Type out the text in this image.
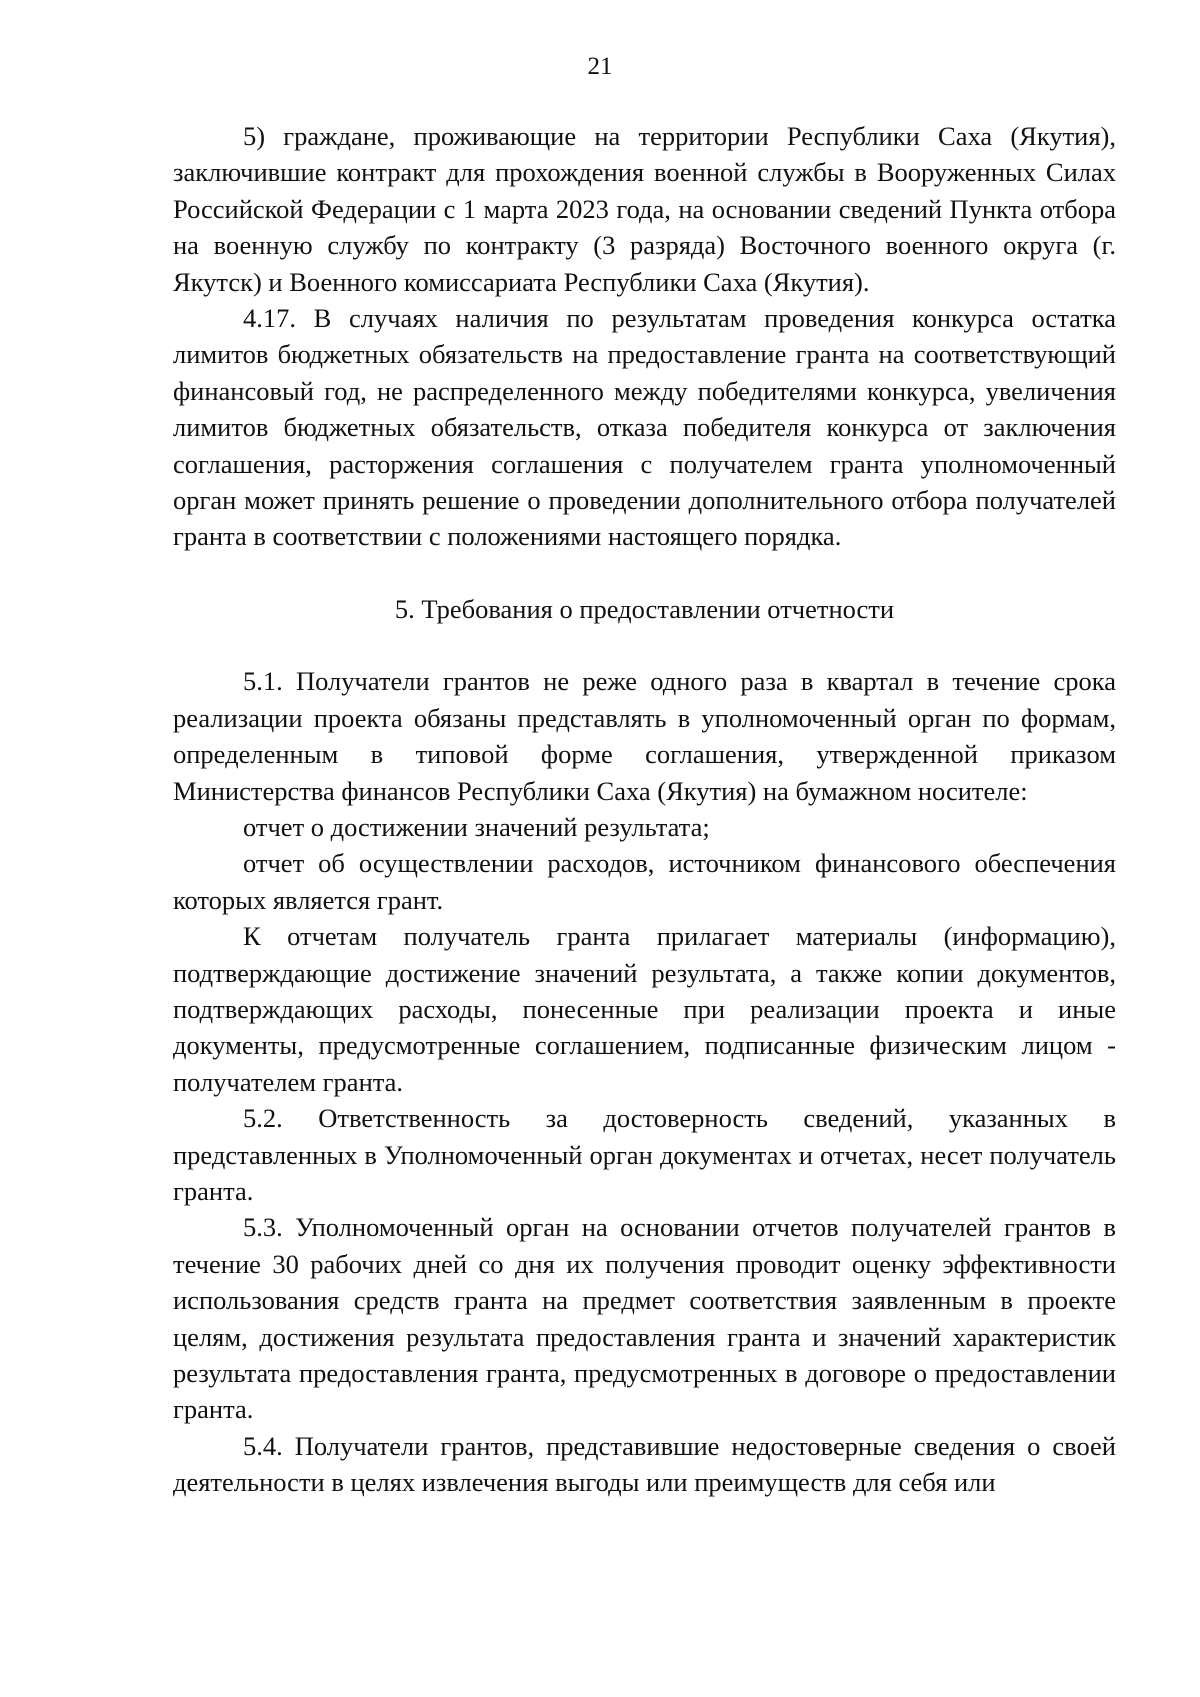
21

5) граждане, проживающие на территории Республики Саха (Якутия), заключившие контракт для прохождения военной службы в Вооруженных Силах Российской Федерации с 1 марта 2023 года, на основании сведений Пункта отбора на военную службу по контракту (3 разряда) Восточного военного округа (г. Якутск) и Военного комиссариата Республики Саха (Якутия).

4.17. В случаях наличия по результатам проведения конкурса остатка лимитов бюджетных обязательств на предоставление гранта на соответствующий финансовый год, не распределенного между победителями конкурса, увеличения лимитов бюджетных обязательств, отказа победителя конкурса от заключения соглашения, расторжения соглашения с получателем гранта уполномоченный орган может принять решение о проведении дополнительного отбора получателей гранта в соответствии с положениями настоящего порядка.

5. Требования о предоставлении отчетности

5.1. Получатели грантов не реже одного раза в квартал в течение срока реализации проекта обязаны представлять в уполномоченный орган по формам, определенным в типовой форме соглашения, утвержденной приказом Министерства финансов Республики Саха (Якутия) на бумажном носителе:

отчет о достижении значений результата;

отчет об осуществлении расходов, источником финансового обеспечения которых является грант.

К отчетам получатель гранта прилагает материалы (информацию), подтверждающие достижение значений результата, а также копии документов, подтверждающих расходы, понесенные при реализации проекта и иные документы, предусмотренные соглашением, подписанные физическим лицом - получателем гранта.

5.2. Ответственность за достоверность сведений, указанных в представленных в Уполномоченный орган документах и отчетах, несет получатель гранта.

5.3. Уполномоченный орган на основании отчетов получателей грантов в течение 30 рабочих дней со дня их получения проводит оценку эффективности использования средств гранта на предмет соответствия заявленным в проекте целям, достижения результата предоставления гранта и значений характеристик результата предоставления гранта, предусмотренных в договоре о предоставлении гранта.

5.4. Получатели грантов, представившие недостоверные сведения о своей деятельности в целях извлечения выгоды или преимуществ для себя или
